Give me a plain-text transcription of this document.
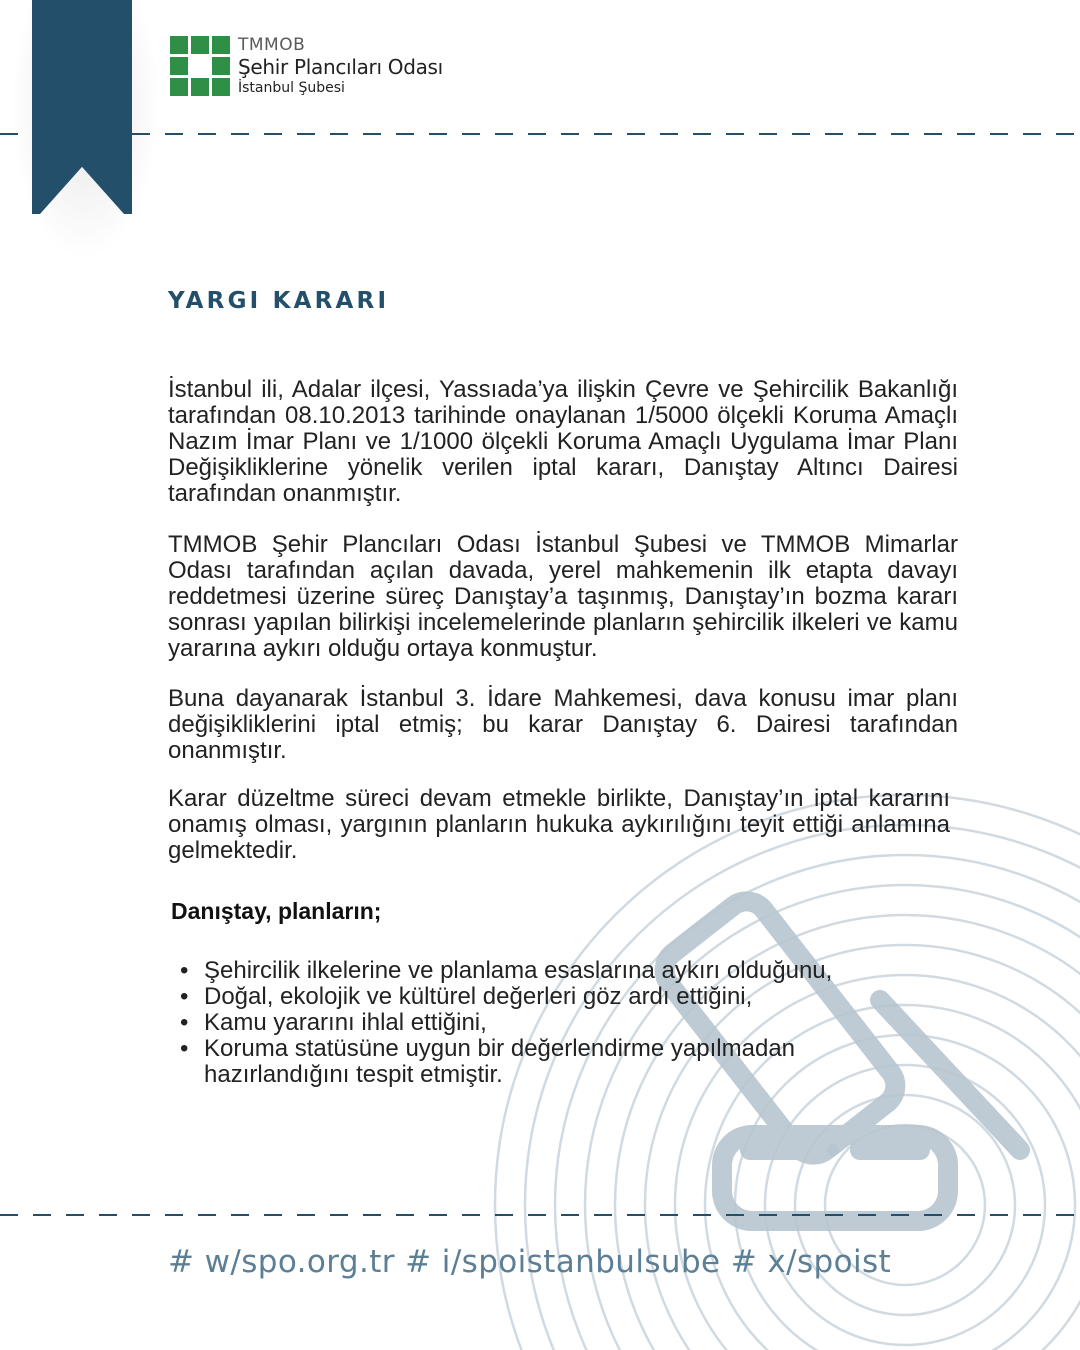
TMMOB
Şehir Plancıları Odası
İstanbul Şubesi
YARGI KARARI
İstanbul ili, Adalar ilçesi, Yassıada’ya ilişkin Çevre ve Şehircilik Bakanlığı tarafından 08.10.2013 tarihinde onaylanan 1/5000 ölçekli Koruma Amaçlı Nazım İmar Planı ve 1/1000 ölçekli Koruma Amaçlı Uygulama İmar Planı Değişikliklerine yönelik verilen iptal kararı, Danıştay Altıncı Dairesi tarafından onanmıştır.
TMMOB Şehir Plancıları Odası İstanbul Şubesi ve TMMOB Mimarlar Odası tarafından açılan davada, yerel mahkemenin ilk etapta davayı reddetmesi üzerine süreç Danıştay’a taşınmış, Danıştay’ın bozma kararı sonrası yapılan bilirkişi incelemelerinde planların şehircilik ilkeleri ve kamu yararına aykırı olduğu ortaya konmuştur.
Buna dayanarak İstanbul 3. İdare Mahkemesi, dava konusu imar planı değişikliklerini iptal etmiş; bu karar Danıştay 6. Dairesi tarafından onanmıştır.
Karar düzeltme süreci devam etmekle birlikte, Danıştay’ın iptal kararını onamış olması, yargının planların hukuka aykırılığını teyit ettiği anlamına gelmektedir.
Danıştay, planların;
• Şehircilik ilkelerine ve planlama esaslarına aykırı olduğunu,
• Doğal, ekolojik ve kültürel değerleri göz ardı ettiğini,
• Kamu yararını ihlal ettiğini,
• Koruma statüsüne uygun bir değerlendirme yapılmadan hazırlandığını tespit etmiştir.
# w/spo.org.tr # i/spoistanbulsube # x/spoist
